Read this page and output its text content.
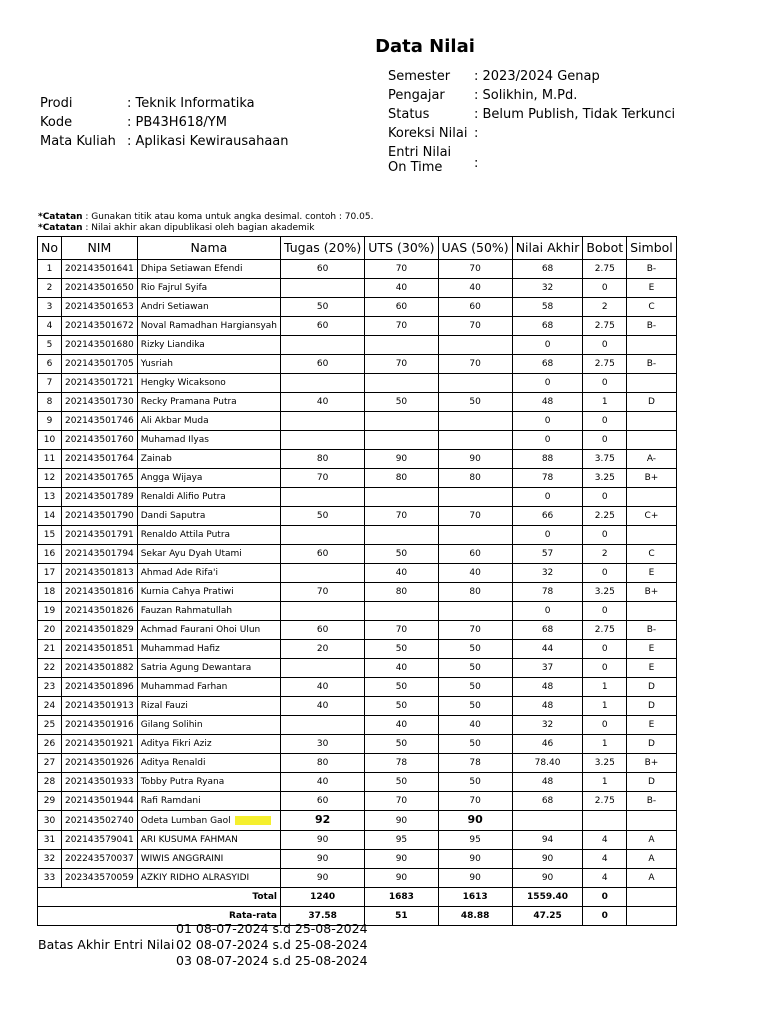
Data Nilai
Prodi	: Teknik Informatika
Kode	: PB43H618/YM
Mata Kuliah	: Aplikasi Kewirausahaan
Semester	: 2023/2024 Genap
Pengajar	: Solikhin, M.Pd.
Status	: Belum Publish, Tidak Terkunci
Koreksi Nilai	:
Entri Nilai
On Time	:
*Catatan : Gunakan titik atau koma untuk angka desimal. contoh : 70.05.
*Catatan : Nilai akhir akan dipublikasi oleh bagian akademik
No	NIM	Nama	Tugas (20%)	UTS (30%)	UAS (50%)	Nilai Akhir	Bobot	Simbol
1	202143501641	Dhipa Setiawan Efendi	60	70	70	68	2.75	B-
2	202143501650	Rio Fajrul Syifa		40	40	32	0	E
3	202143501653	Andri Setiawan	50	60	60	58	2	C
4	202143501672	Noval Ramadhan Hargiansyah	60	70	70	68	2.75	B-
5	202143501680	Rizky Liandika				0	0	
6	202143501705	Yusriah	60	70	70	68	2.75	B-
7	202143501721	Hengky Wicaksono				0	0	
8	202143501730	Recky Pramana Putra	40	50	50	48	1	D
9	202143501746	Ali Akbar Muda				0	0	
10	202143501760	Muhamad Ilyas				0	0	
11	202143501764	Zainab	80	90	90	88	3.75	A-
12	202143501765	Angga Wijaya	70	80	80	78	3.25	B+
13	202143501789	Renaldi Alifio Putra				0	0	
14	202143501790	Dandi Saputra	50	70	70	66	2.25	C+
15	202143501791	Renaldo Attila Putra				0	0	
16	202143501794	Sekar Ayu Dyah Utami	60	50	60	57	2	C
17	202143501813	Ahmad Ade Rifa'i		40	40	32	0	E
18	202143501816	Kurnia Cahya Pratiwi	70	80	80	78	3.25	B+
19	202143501826	Fauzan Rahmatullah				0	0	
20	202143501829	Achmad Faurani Ohoi Ulun	60	70	70	68	2.75	B-
21	202143501851	Muhammad Hafiz	20	50	50	44	0	E
22	202143501882	Satria Agung Dewantara		40	50	37	0	E
23	202143501896	Muhammad Farhan	40	50	50	48	1	D
24	202143501913	Rizal Fauzi	40	50	50	48	1	D
25	202143501916	Gilang Solihin		40	40	32	0	E
26	202143501921	Aditya Fikri Aziz	30	50	50	46	1	D
27	202143501926	Aditya Renaldi	80	78	78	78.40	3.25	B+
28	202143501933	Tobby Putra Ryana	40	50	50	48	1	D
29	202143501944	Rafi Ramdani	60	70	70	68	2.75	B-
30	202143502740	Odeta Lumban Gaol	92	90	90			
31	202143579041	ARI KUSUMA FAHMAN	90	95	95	94	4	A
32	202243570037	WIWIS ANGGRAINI	90	90	90	90	4	A
33	202343570059	AZKIY RIDHO ALRASYIDI	90	90	90	90	4	A
Total			1240	1683	1613	1559.40	0	
Rata-rata			37.58	51	48.88	47.25	0	
Batas Akhir Entri Nilai
01 08-07-2024 s.d 25-08-2024
02 08-07-2024 s.d 25-08-2024
03 08-07-2024 s.d 25-08-2024
